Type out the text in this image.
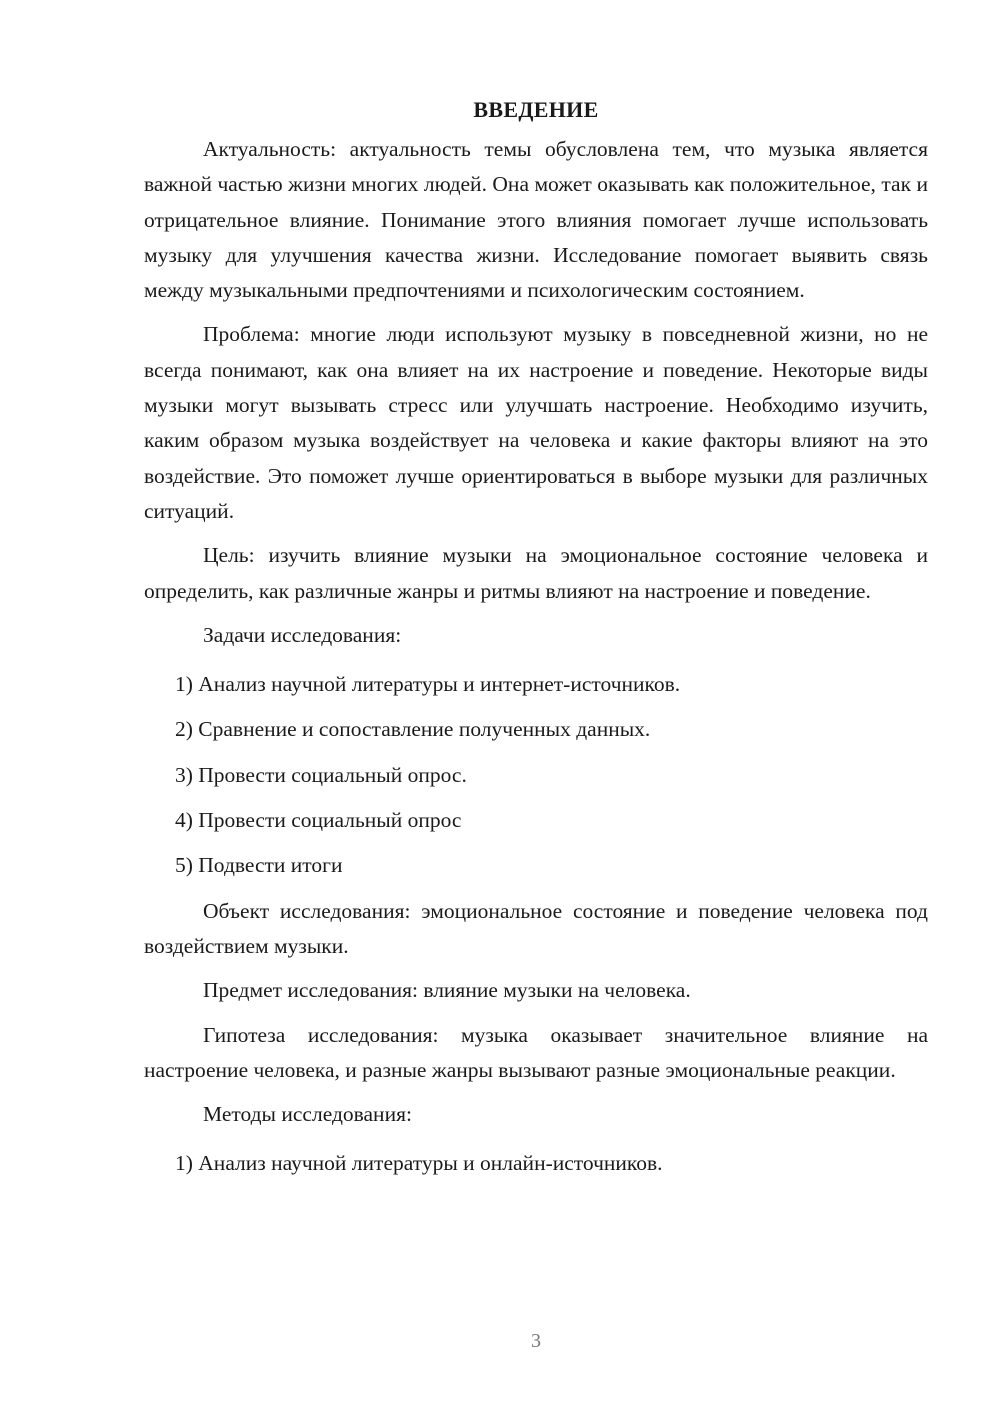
ВВЕДЕНИЕ

Актуальность: актуальность темы обусловлена тем, что музыка является важной частью жизни многих людей. Она может оказывать как положительное, так и отрицательное влияние. Понимание этого влияния помогает лучше использовать музыку для улучшения качества жизни. Исследование помогает выявить связь между музыкальными предпочтениями и психологическим состоянием.

Проблема: многие люди используют музыку в повседневной жизни, но не всегда понимают, как она влияет на их настроение и поведение. Некоторые виды музыки могут вызывать стресс или улучшать настроение. Необходимо изучить, каким образом музыка воздействует на человека и какие факторы влияют на это воздействие. Это поможет лучше ориентироваться в выборе музыки для различных ситуаций.

Цель: изучить влияние музыки на эмоциональное состояние человека и определить, как различные жанры и ритмы влияют на настроение и поведение.

Задачи исследования:

1) Анализ научной литературы и интернет-источников.
2) Сравнение и сопоставление полученных данных.
3) Провести социальный опрос.
4) Провести социальный опрос
5) Подвести итоги

Объект исследования: эмоциональное состояние и поведение человека под воздействием музыки.

Предмет исследования: влияние музыки на человека.

Гипотеза исследования: музыка оказывает значительное влияние на настроение человека, и разные жанры вызывают разные эмоциональные реакции.

Методы исследования:

1) Анализ научной литературы и онлайн-источников.
3
